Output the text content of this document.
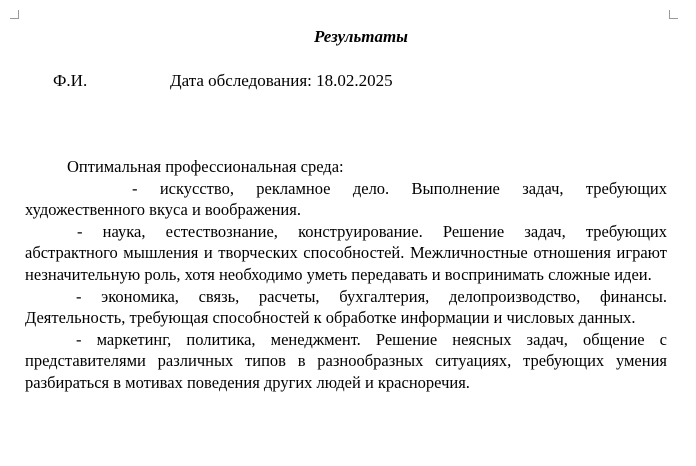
Результаты
Ф.И.	Дата обследования: 18.02.2025

Оптимальная профессиональная среда:

- искусство, рекламное дело. Выполнение задач, требующих художественного вкуса и воображения.

- наука, естествознание, конструирование. Решение задач, требующих абстрактного мышления и творческих способностей. Межличностные отношения играют незначительную роль, хотя необходимо уметь передавать и воспринимать сложные идеи.

- экономика, связь, расчеты, бухгалтерия, делопроизводство, финансы. Деятельность, требующая способностей к обработке информации и числовых данных.

- маркетинг, политика, менеджмент. Решение неясных задач, общение с представителями различных типов в разнообразных ситуациях, требующих умения разбираться в мотивах поведения других людей и красноречия.
